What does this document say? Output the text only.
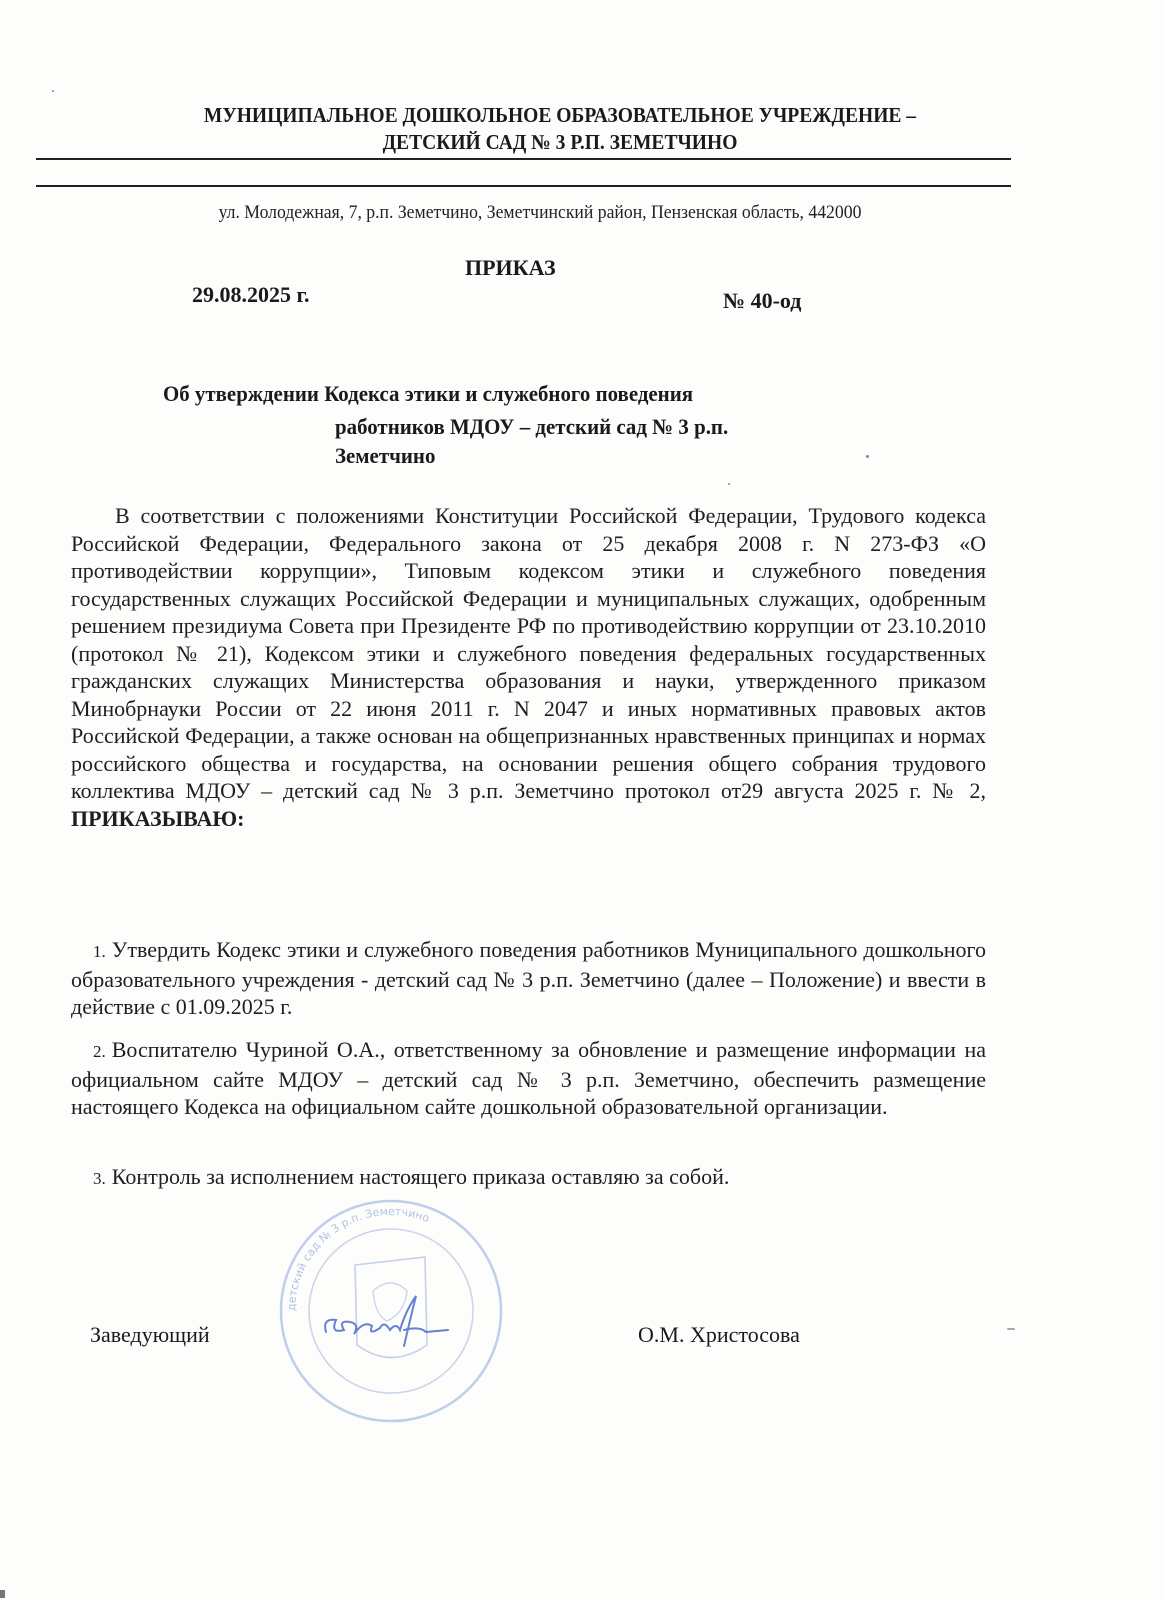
МУНИЦИПАЛЬНОЕ ДОШКОЛЬНОЕ ОБРАЗОВАТЕЛЬНОЕ УЧРЕЖДЕНИЕ –
ДЕТСКИЙ САД № 3 Р.П. ЗЕМЕТЧИНО
ул. Молодежная, 7, р.п. Земетчино, Земетчинский район, Пензенская область, 442000
ПРИКАЗ
29.08.2025 г.	№ 40-од
Об утверждении Кодекса этики и служебного поведения
работников МДОУ – детский сад № 3 р.п.
Земетчино
В соответствии с положениями Конституции Российской Федерации, Трудового кодекса Российской Федерации, Федерального закона от 25 декабря 2008 г. N 273-ФЗ «О противодействии коррупции», Типовым кодексом этики и служебного поведения государственных служащих Российской Федерации и муниципальных служащих, одобренным решением президиума Совета при Президенте РФ по противодействию коррупции от 23.10.2010 (протокол № 21), Кодексом этики и служебного поведения федеральных государственных гражданских служащих Министерства образования и науки, утвержденного приказом Минобрнауки России от 22 июня 2011 г. N 2047 и иных нормативных правовых актов Российской Федерации, а также основан на общепризнанных нравственных принципах и нормах российского общества и государства, на основании решения общего собрания трудового коллектива МДОУ – детский сад № 3 р.п. Земетчино протокол от29 августа 2025 г. № 2, ПРИКАЗЫВАЮ:
1. Утвердить Кодекс этики и служебного поведения работников Муниципального дошкольного образовательного учреждения - детский сад № 3 р.п. Земетчино (далее – Положение) и ввести в действие с 01.09.2025 г.
2. Воспитателю Чуриной О.А., ответственному за обновление и размещение информации на официальном сайте МДОУ – детский сад № 3 р.п. Земетчино, обеспечить размещение настоящего Кодекса на официальном сайте дошкольной образовательной организации.
3. Контроль за исполнением настоящего приказа оставляю за собой.
детский сад № 3 р.п. Земетчино
Заведующий	О.М. Христосова
